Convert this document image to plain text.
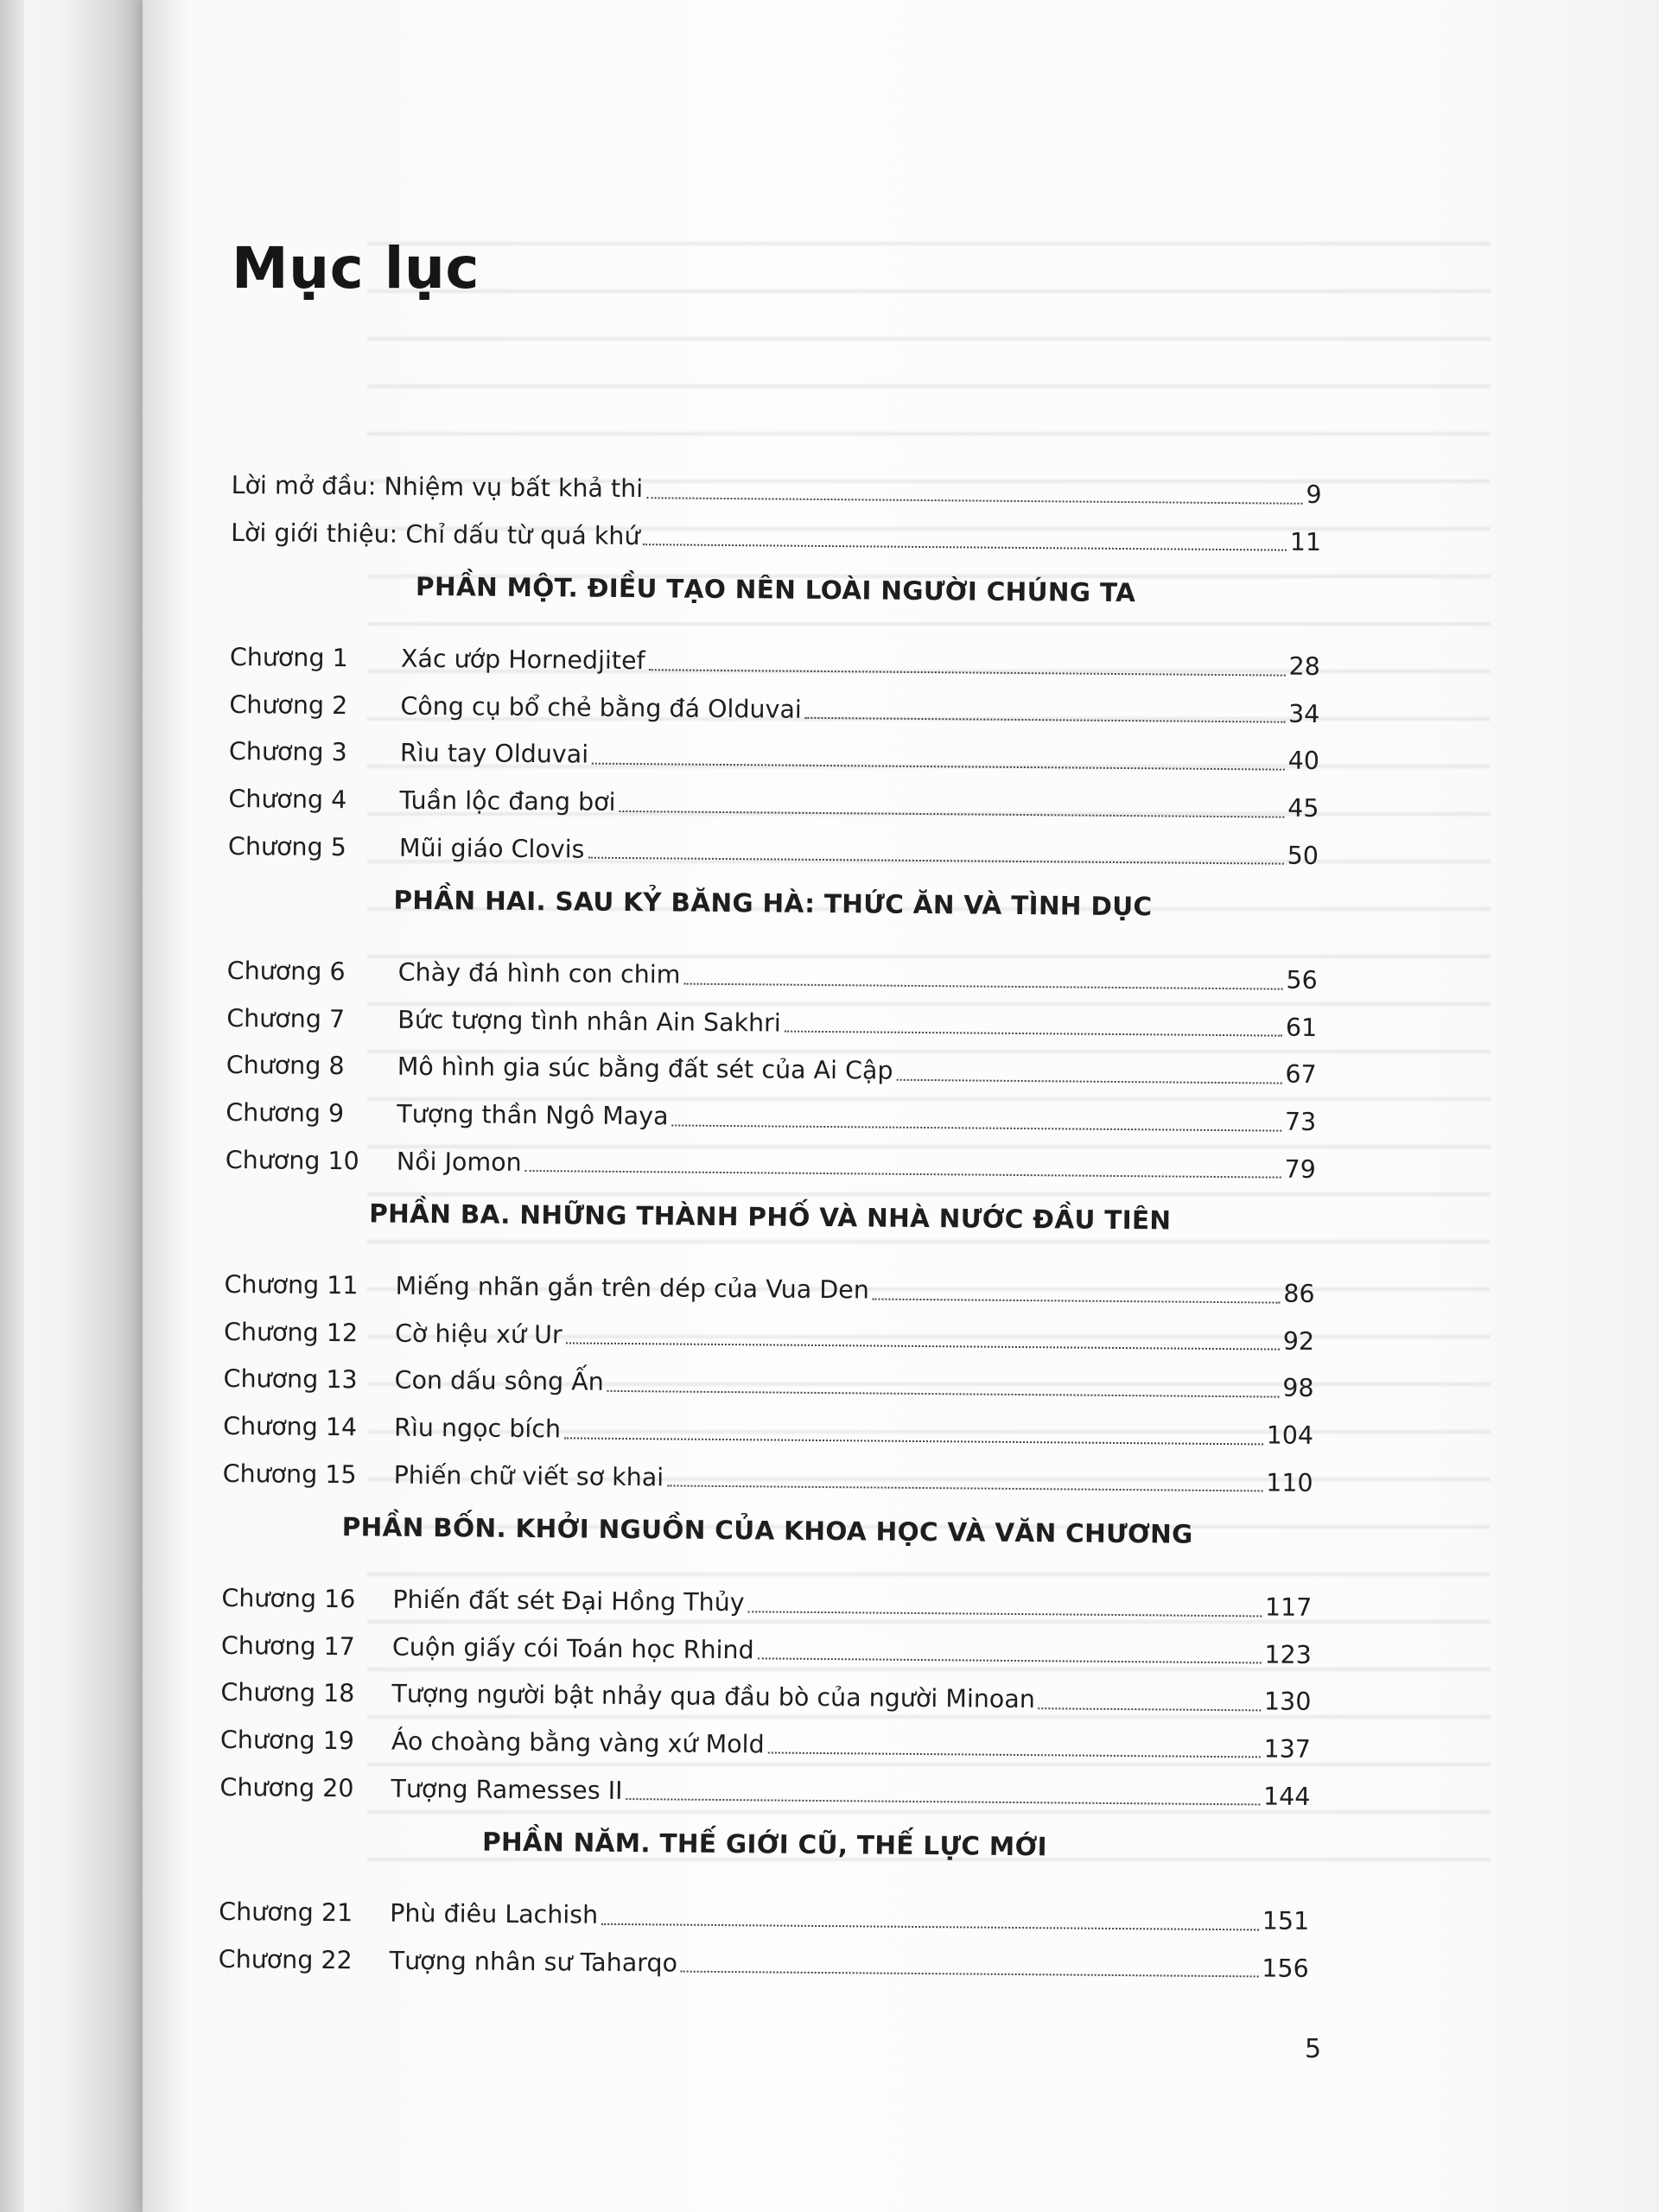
Mục lục
Lời mở đầu: Nhiệm vụ bất khả thi	9
Lời giới thiệu: Chỉ dấu từ quá khứ	11
PHẦN MỘT. ĐIỀU TẠO NÊN LOÀI NGƯỜI CHÚNG TA
Chương 1	Xác ướp Hornedjitef	28
Chương 2	Công cụ bổ chẻ bằng đá Olduvai	34
Chương 3	Rìu tay Olduvai	40
Chương 4	Tuần lộc đang bơi	45
Chương 5	Mũi giáo Clovis	50
PHẦN HAI. SAU KỶ BĂNG HÀ: THỨC ĂN VÀ TÌNH DỤC
Chương 6	Chày đá hình con chim	56
Chương 7	Bức tượng tình nhân Ain Sakhri	61
Chương 8	Mô hình gia súc bằng đất sét của Ai Cập	67
Chương 9	Tượng thần Ngô Maya	73
Chương 10	Nồi Jomon	79
PHẦN BA. NHỮNG THÀNH PHỐ VÀ NHÀ NƯỚC ĐẦU TIÊN
Chương 11	Miếng nhãn gắn trên dép của Vua Den	86
Chương 12	Cờ hiệu xứ Ur	92
Chương 13	Con dấu sông Ấn	98
Chương 14	Rìu ngọc bích	104
Chương 15	Phiến chữ viết sơ khai	110
PHẦN BỐN. KHỞI NGUỒN CỦA KHOA HỌC VÀ VĂN CHƯƠNG
Chương 16	Phiến đất sét Đại Hồng Thủy	117
Chương 17	Cuộn giấy cói Toán học Rhind	123
Chương 18	Tượng người bật nhảy qua đầu bò của người Minoan	130
Chương 19	Áo choàng bằng vàng xứ Mold	137
Chương 20	Tượng Ramesses II	144
PHẦN NĂM. THẾ GIỚI CŨ, THẾ LỰC MỚI
Chương 21	Phù điêu Lachish	151
Chương 22	Tượng nhân sư Taharqo	156
5
